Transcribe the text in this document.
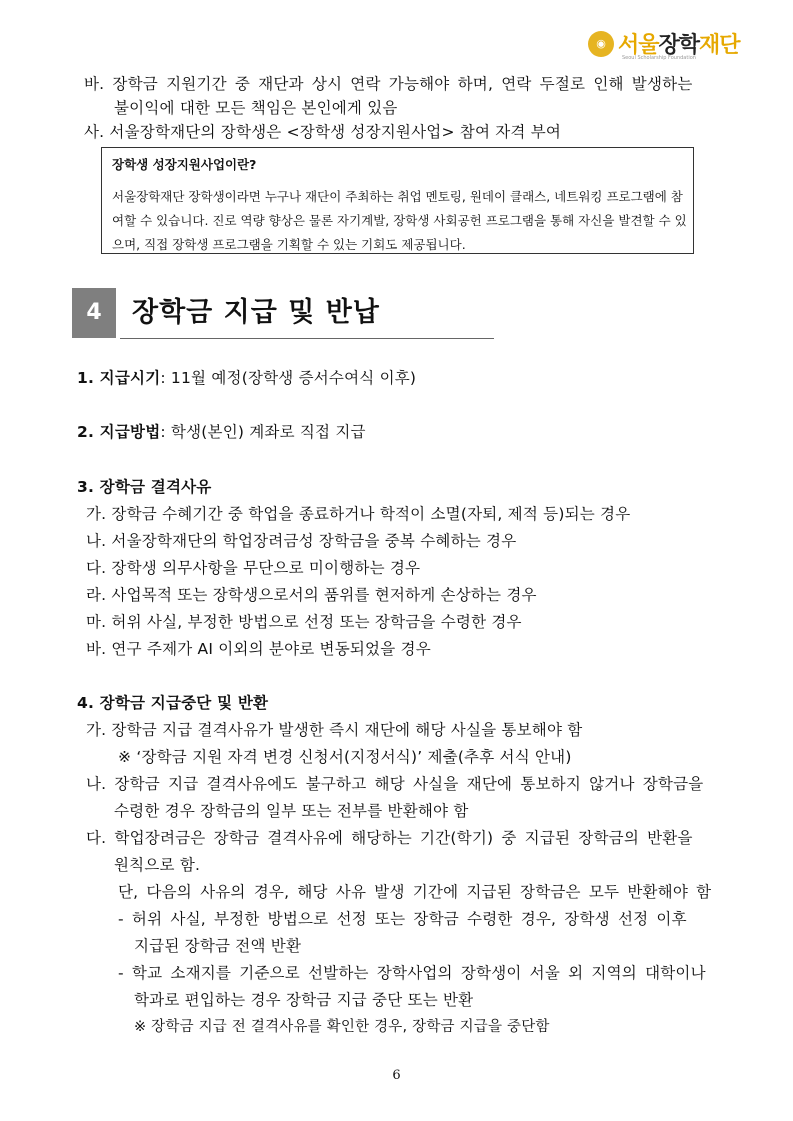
◉ 서울장학재단
Seoul Scholarship Foundation
바. 장학금 지원기간 중 재단과 상시 연락 가능해야 하며, 연락 두절로 인해 발생하는
불이익에 대한 모든 책임은 본인에게 있음
사. 서울장학재단의 장학생은 <장학생 성장지원사업> 참여 자격 부여
장학생 성장지원사업이란?
서울장학재단 장학생이라면 누구나 재단이 주최하는 취업 멘토링, 원데이 클래스, 네트워킹 프로그램에 참여할 수 있습니다. 진로 역량 향상은 물론 자기계발, 장학생 사회공헌 프로그램을 통해 자신을 발견할 수 있으며, 직접 장학생 프로그램을 기획할 수 있는 기회도 제공됩니다.
4	장학금 지급 및 반납
1. 지급시기: 11월 예정(장학생 증서수여식 이후)
2. 지급방법: 학생(본인) 계좌로 직접 지급
3. 장학금 결격사유
가. 장학금 수혜기간 중 학업을 종료하거나 학적이 소멸(자퇴, 제적 등)되는 경우
나. 서울장학재단의 학업장려금성 장학금을 중복 수혜하는 경우
다. 장학생 의무사항을 무단으로 미이행하는 경우
라. 사업목적 또는 장학생으로서의 품위를 현저하게 손상하는 경우
마. 허위 사실, 부정한 방법으로 선정 또는 장학금을 수령한 경우
바. 연구 주제가 AI 이외의 분야로 변동되었을 경우
4. 장학금 지급중단 및 반환
가. 장학금 지급 결격사유가 발생한 즉시 재단에 해당 사실을 통보해야 함
※ ‘장학금 지원 자격 변경 신청서(지정서식)’ 제출(추후 서식 안내)
나. 장학금 지급 결격사유에도 불구하고 해당 사실을 재단에 통보하지 않거나 장학금을
수령한 경우 장학금의 일부 또는 전부를 반환해야 함
다. 학업장려금은 장학금 결격사유에 해당하는 기간(학기) 중 지급된 장학금의 반환을
원칙으로 함.
단, 다음의 사유의 경우, 해당 사유 발생 기간에 지급된 장학금은 모두 반환해야 함
- 허위 사실, 부정한 방법으로 선정 또는 장학금 수령한 경우, 장학생 선정 이후
지급된 장학금 전액 반환
- 학교 소재지를 기준으로 선발하는 장학사업의 장학생이 서울 외 지역의 대학이나
학과로 편입하는 경우 장학금 지급 중단 또는 반환
※ 장학금 지급 전 결격사유를 확인한 경우, 장학금 지급을 중단함
6
